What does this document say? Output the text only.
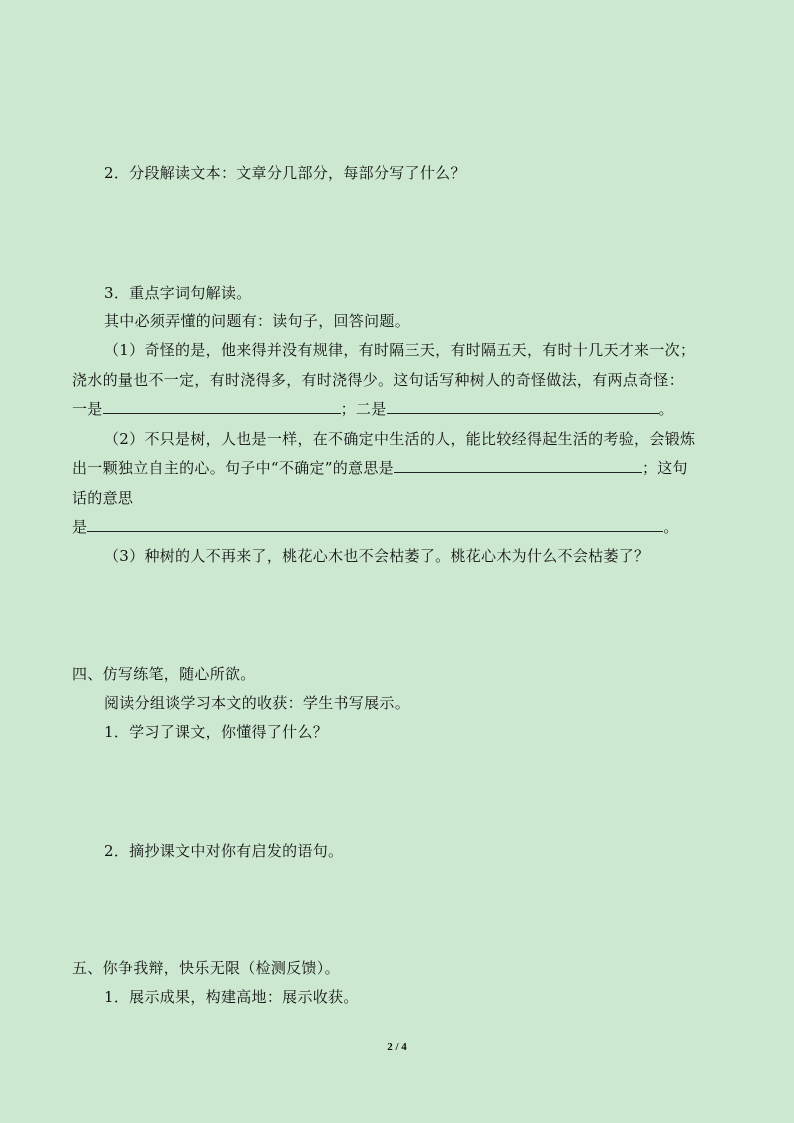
2．分段解读文本：文章分几部分，每部分写了什么？
3．重点字词句解读。
其中必须弄懂的问题有：读句子，回答问题。
（1）奇怪的是，他来得并没有规律，有时隔三天，有时隔五天，有时十几天才来一次；
浇水的量也不一定，有时浇得多，有时浇得少。这句话写种树人的奇怪做法，有两点奇怪：
一是	；二是	。
（2）不只是树，人也是一样，在不确定中生活的人，能比较经得起生活的考验，会锻炼
出一颗独立自主的心。句子中“不确定”的意思是	；这句
话的意思
是	。
（3）种树的人不再来了，桃花心木也不会枯萎了。桃花心木为什么不会枯萎了？
四、仿写练笔，随心所欲。
阅读分组谈学习本文的收获：学生书写展示。
1．学习了课文，你懂得了什么？
2．摘抄课文中对你有启发的语句。
五、你争我辩，快乐无限（检测反馈）。
1．展示成果，构建高地：展示收获。
2 / 4
